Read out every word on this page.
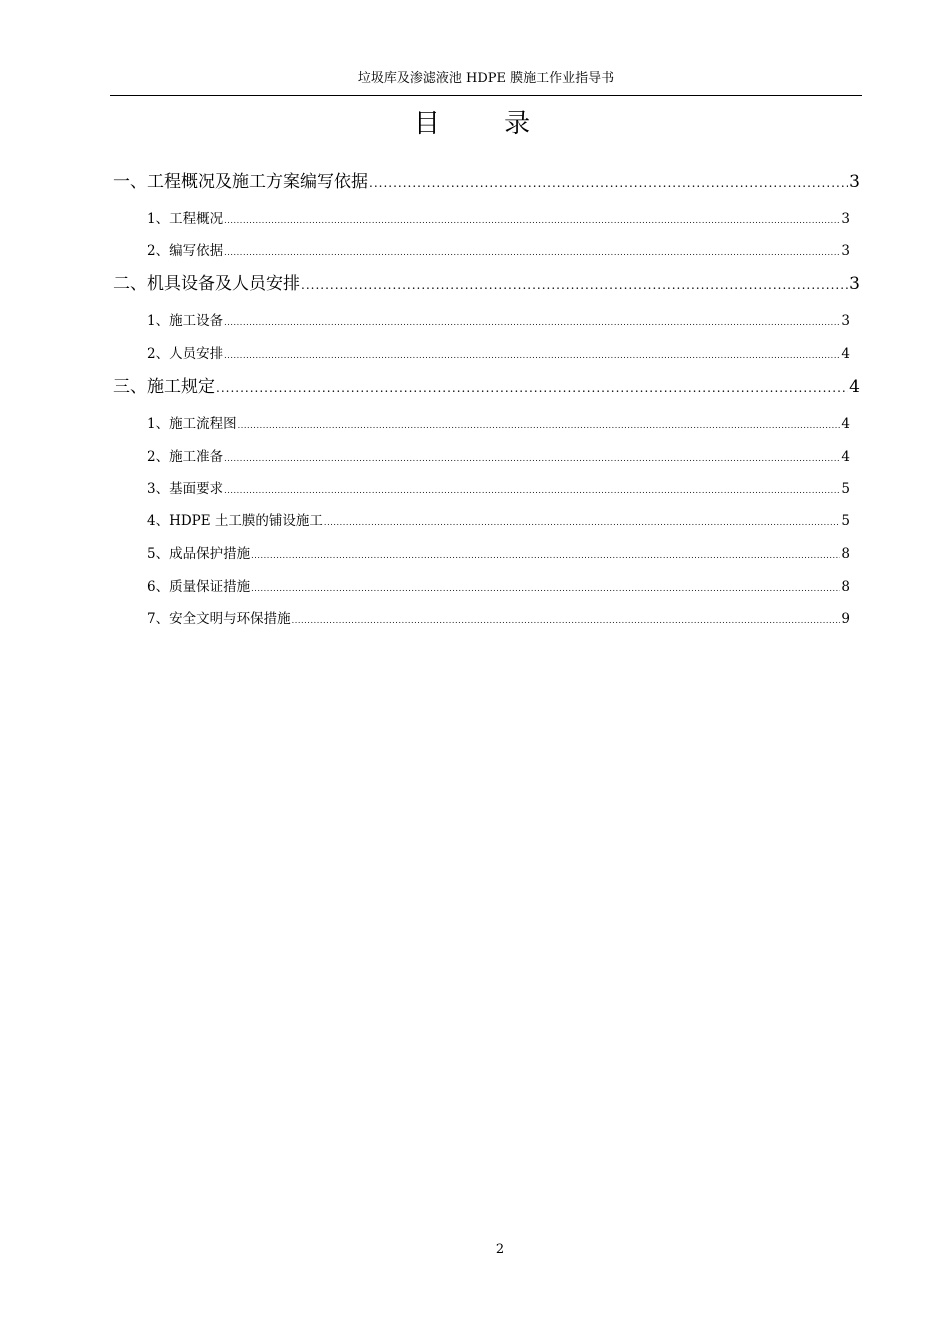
垃圾库及渗滤液池 HDPE 膜施工作业指导书
目 录
一、工程概况及施工方案编写依据 .....	3
1、工程概况 .....	3
2、编写依据 .....	3
二、机具设备及人员安排 .....	3
1、施工设备 .....	3
2、人员安排 .....	4
三、施工规定 .....	4
1、施工流程图 .....	4
2、施工准备 .....	4
3、基面要求 .....	5
4、HDPE 土工膜的铺设施工 .....	5
5、成品保护措施 .....	8
6、质量保证措施 .....	8
7、安全文明与环保措施 .....	9
2
